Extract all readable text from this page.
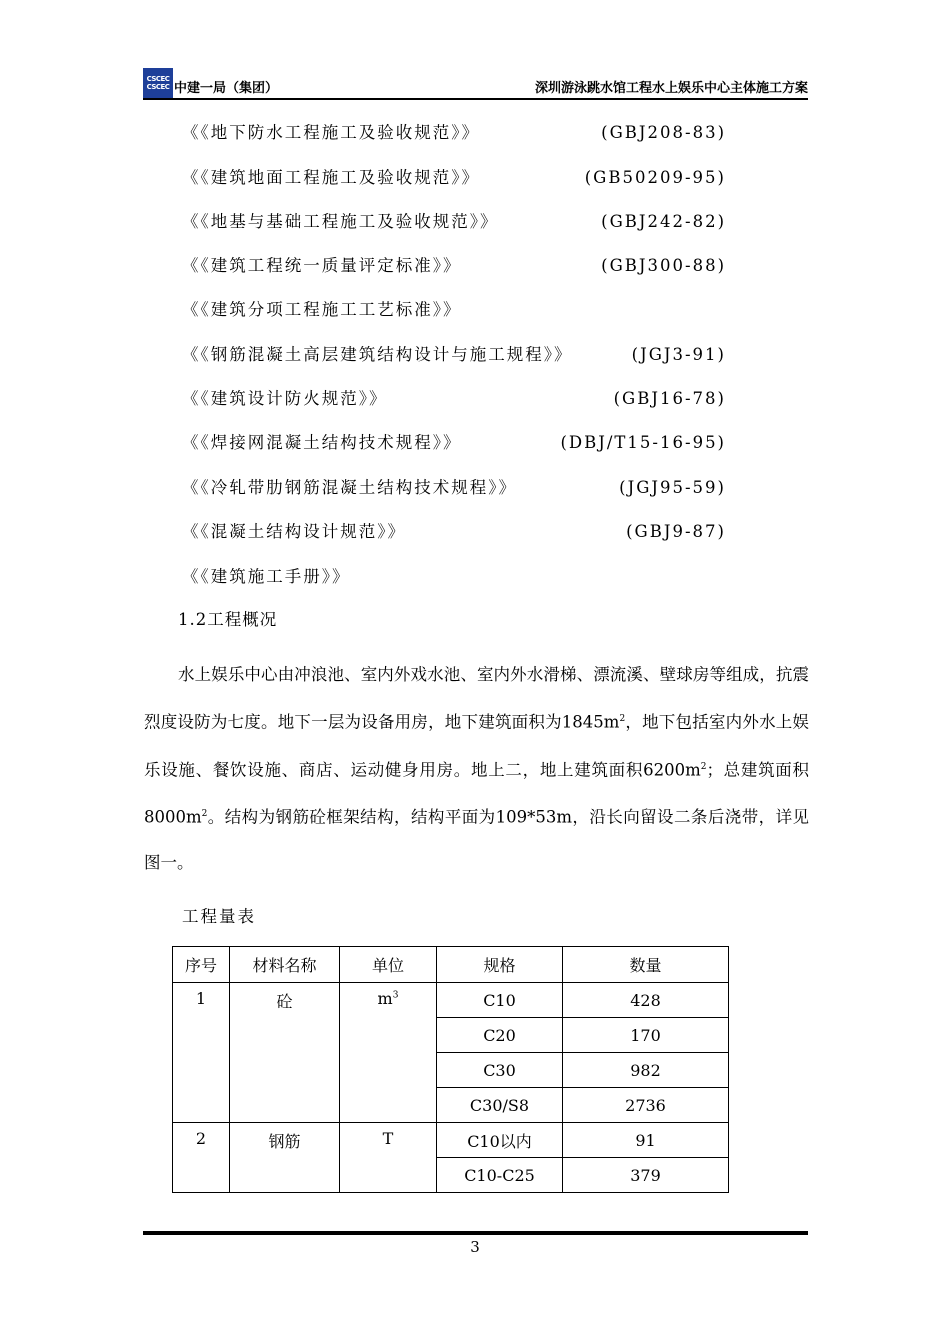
CSCEC
CSCEC 中建一局（集团）	深圳游泳跳水馆工程水上娱乐中心主体施工方案
《《地下防水工程施工及验收规范》》	(GBJ208-83)
《《建筑地面工程施工及验收规范》》	(GB50209-95)
《《地基与基础工程施工及验收规范》》	(GBJ242-82)
《《建筑工程统一质量评定标准》》	(GBJ300-88)
《《建筑分项工程施工工艺标准》》
《《钢筋混凝土高层建筑结构设计与施工规程》》	(JGJ3-91)
《《建筑设计防火规范》》	(GBJ16-78)
《《焊接网混凝土结构技术规程》》	(DBJ/T15-16-95)
《《冷轧带肋钢筋混凝土结构技术规程》》	(JGJ95-59)
《《混凝土结构设计规范》》	(GBJ9-87)
《《建筑施工手册》》
1.2工程概况
水上娱乐中心由冲浪池、室内外戏水池、室内外水滑梯、漂流溪、壁球房等组成，抗震烈度设防为七度。地下一层为设备用房，地下建筑面积为$1845m^2$，地下包括室内外水上娱乐设施、餐饮设施、商店、运动健身用房。地上二，地上建筑面积$6200m^2$；总建筑面积$8000m^2$。结构为钢筋砼框架结构，结构平面为109*53m，沿长向留设二条后浇带，详见图一。
工程量表
序号	材料名称	单位	规格	数量
1	砼	$m^3$	C10	428
			C20	170
			C30	982
			C30/S8	2736
2	钢筋	T	C10以内	91
			C10-C25	379
3
